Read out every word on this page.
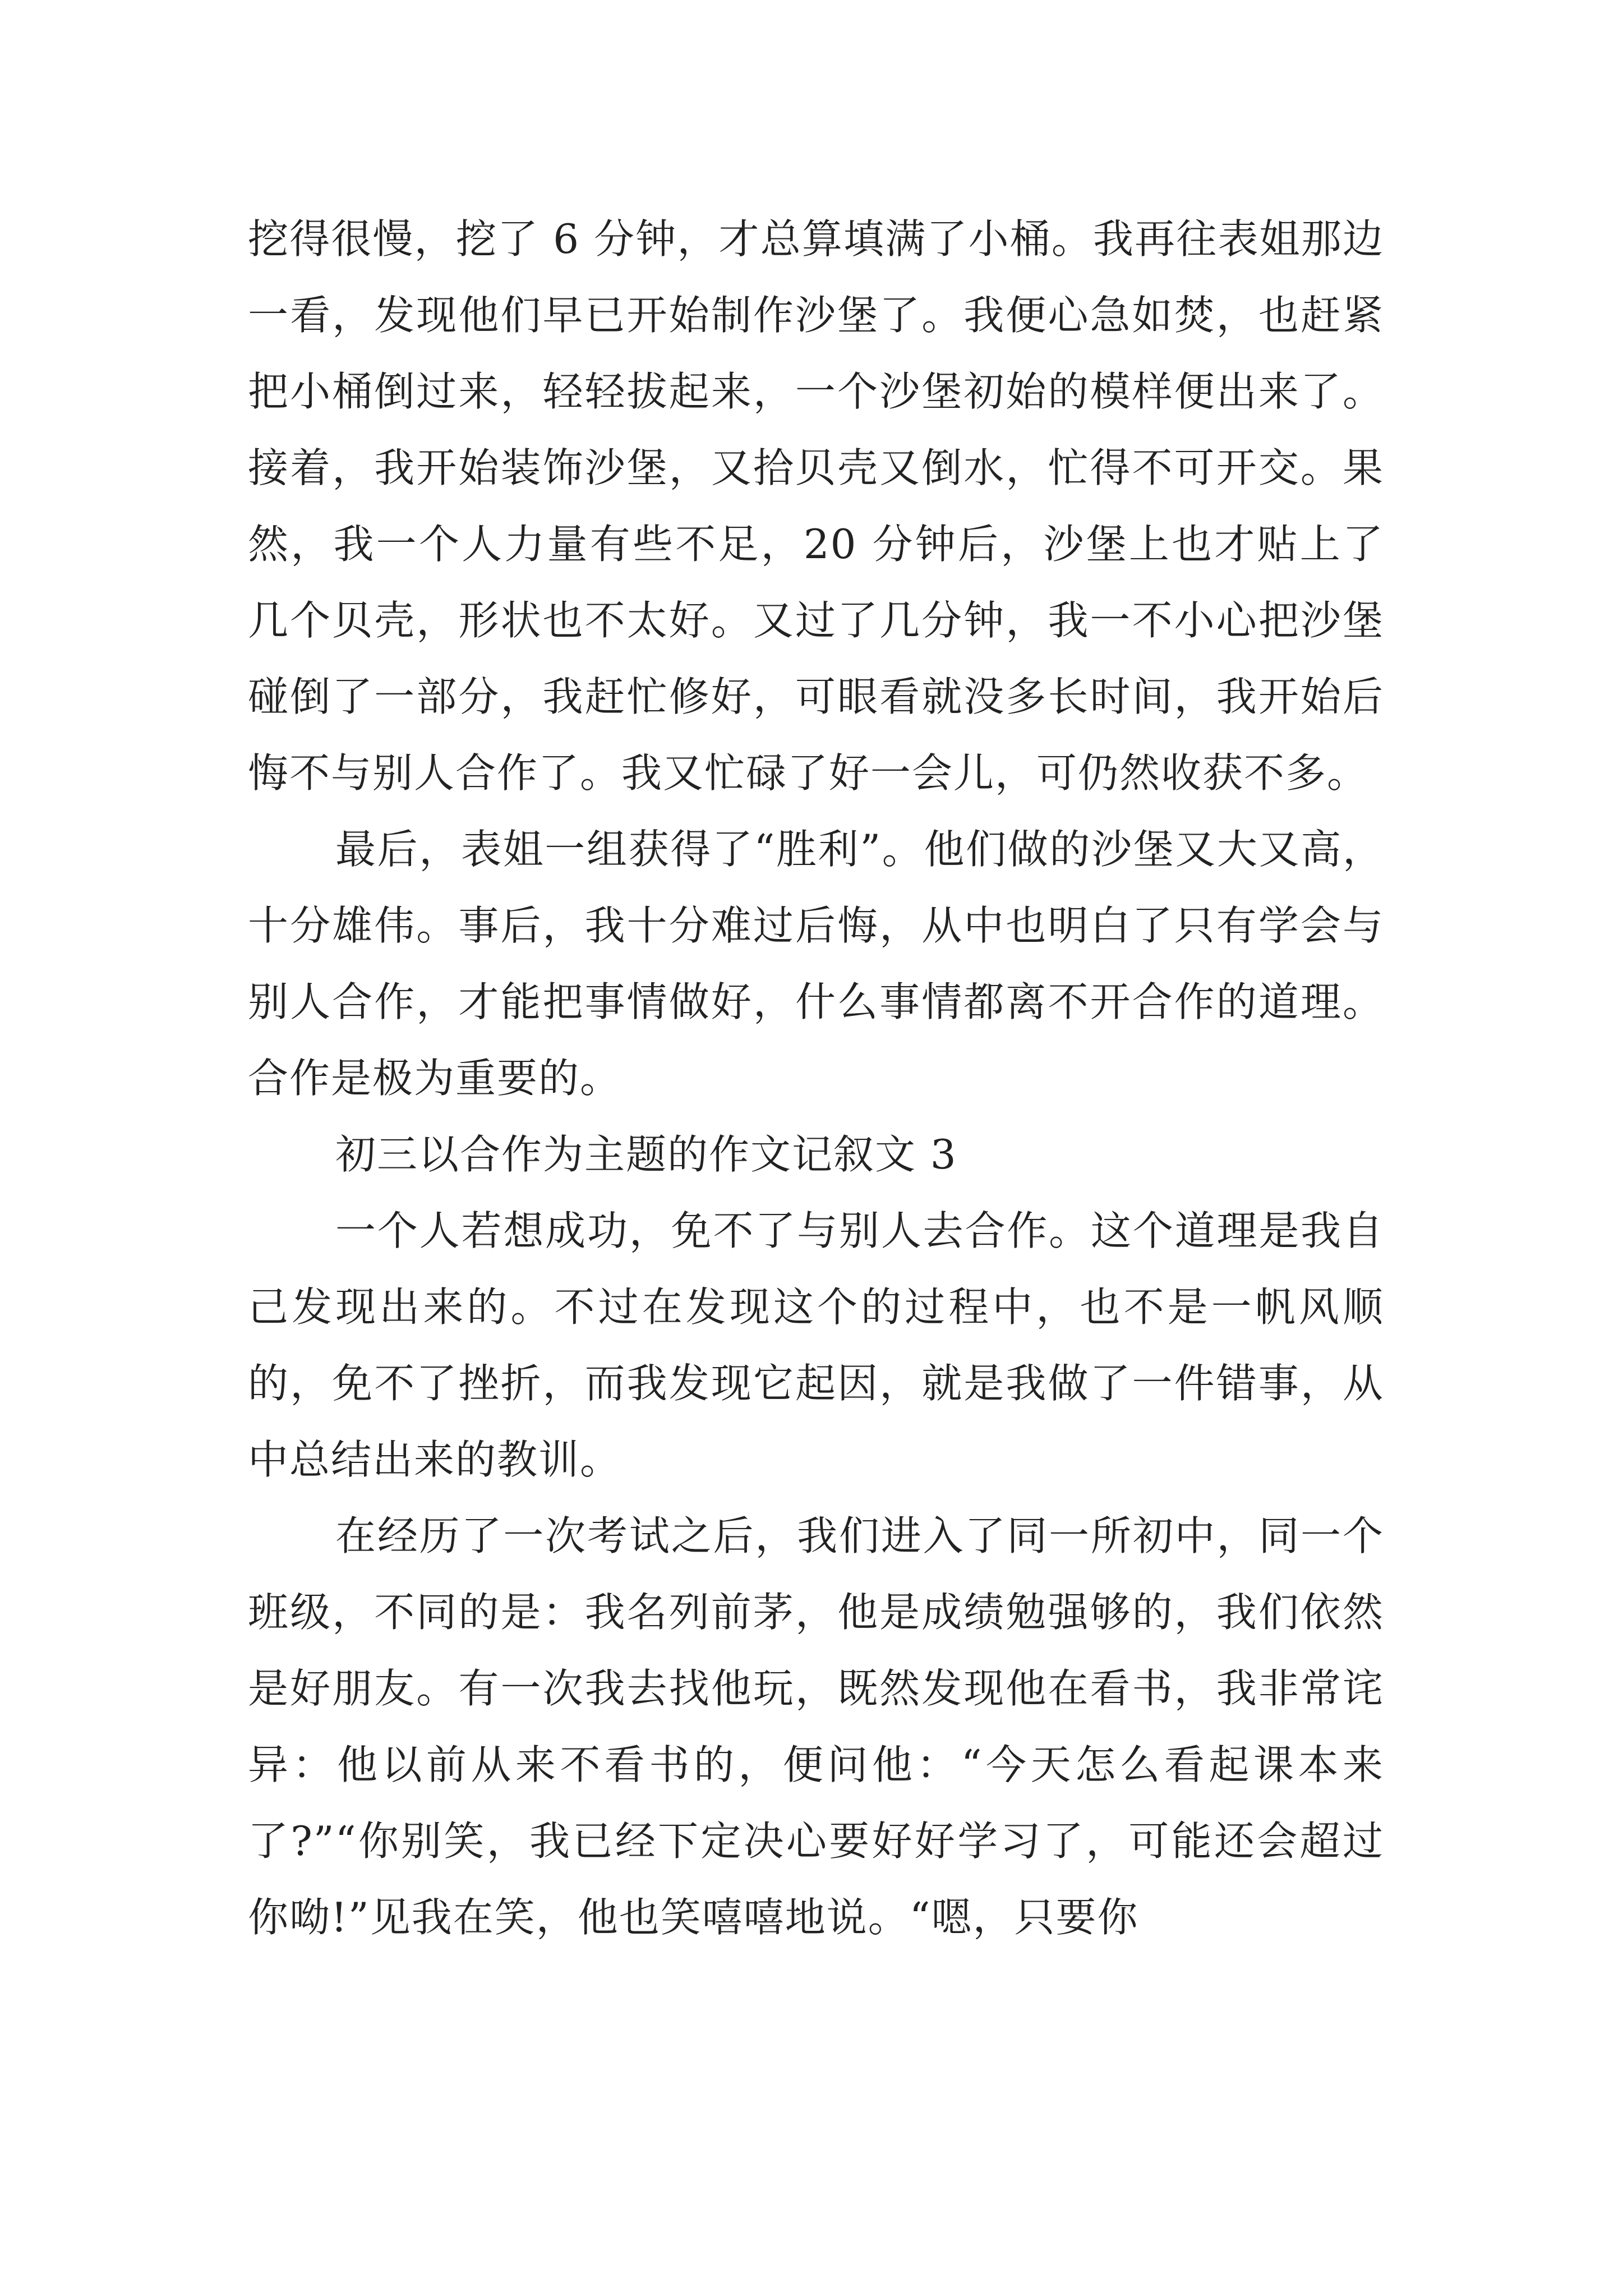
挖得很慢，挖了 6 分钟，才总算填满了小桶。我再往表姐那边一看，发现他们早已开始制作沙堡了。我便心急如焚，也赶紧把小桶倒过来，轻轻拔起来，一个沙堡初始的模样便出来了。接着，我开始装饰沙堡，又拾贝壳又倒水，忙得不可开交。果然，我一个人力量有些不足，20 分钟后，沙堡上也才贴上了几个贝壳，形状也不太好。又过了几分钟，我一不小心把沙堡碰倒了一部分，我赶忙修好，可眼看就没多长时间，我开始后悔不与别人合作了。我又忙碌了好一会儿，可仍然收获不多。

最后，表姐一组获得了“胜利”。他们做的沙堡又大又高，十分雄伟。事后，我十分难过后悔，从中也明白了只有学会与别人合作，才能把事情做好，什么事情都离不开合作的道理。合作是极为重要的。

初三以合作为主题的作文记叙文 3

一个人若想成功，免不了与别人去合作。这个道理是我自己发现出来的。不过在发现这个的过程中，也不是一帆风顺的，免不了挫折，而我发现它起因，就是我做了一件错事，从中总结出来的教训。

在经历了一次考试之后，我们进入了同一所初中，同一个班级，不同的是：我名列前茅，他是成绩勉强够的，我们依然是好朋友。有一次我去找他玩，既然发现他在看书，我非常诧异：他以前从来不看书的，便问他：“今天怎么看起课本来了?”“你别笑，我已经下定决心要好好学习了，可能还会超过你呦!”见我在笑，他也笑嘻嘻地说。“嗯，只要你
